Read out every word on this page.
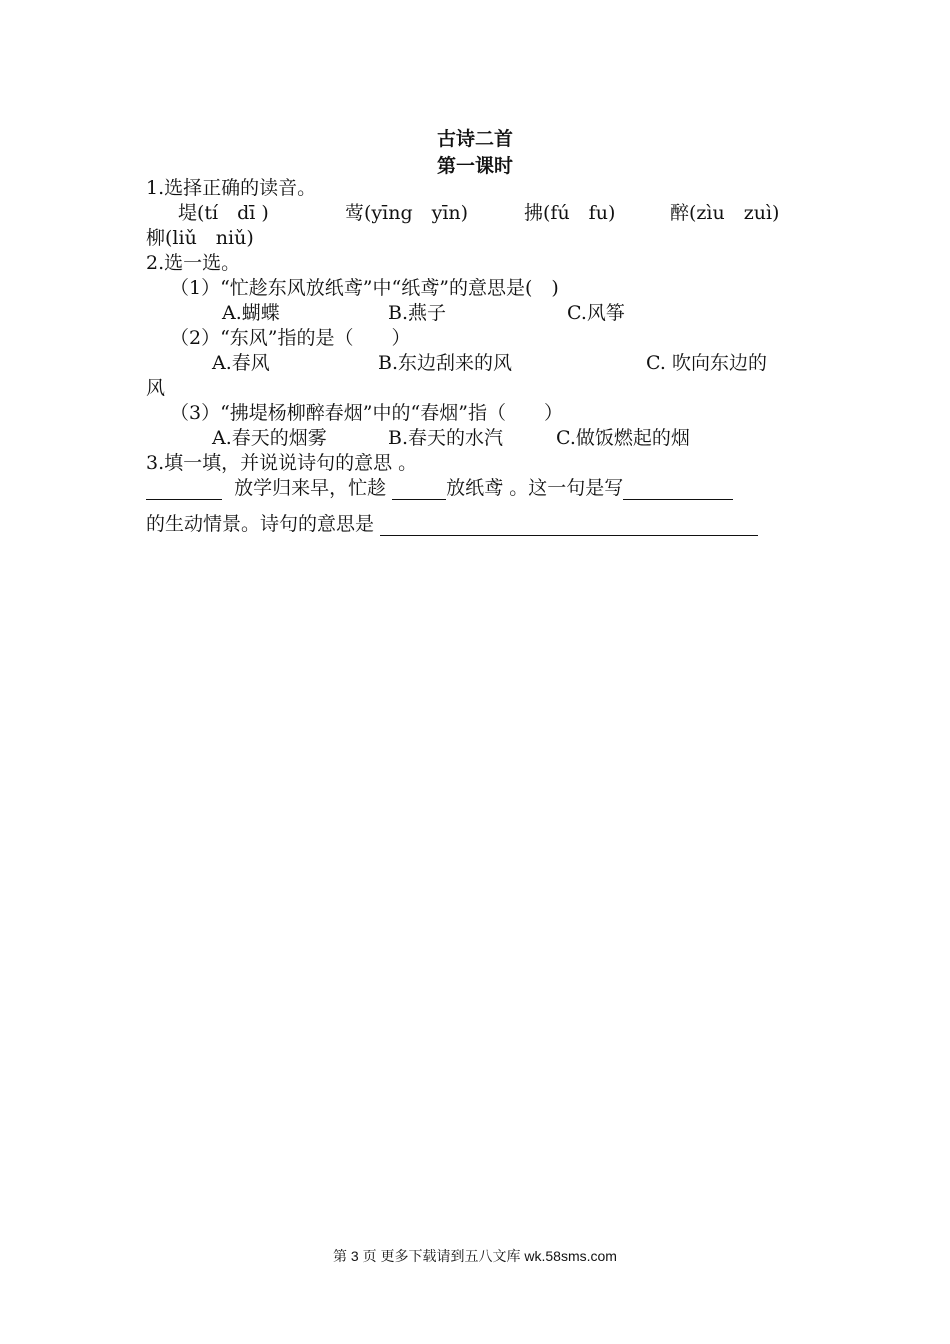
古诗二首
第一课时
1.选择正确的读音。
堤(tí　dī )	莺(yīng　yīn)	拂(fú　fu)	醉(zìu　zuì)
柳(liǔ　niǔ)
2.选一选。
（1）“忙趁东风放纸鸢”中“纸鸢”的意思是(　)
A.蝴蝶	B.燕子	C.风筝
（2）“东风”指的是（　　）
A.春风	B.东边刮来的风	C. 吹向东边的
风
（3）“拂堤杨柳醉春烟”中的“春烟”指（　　）
A.春天的烟雾	B.春天的水汽	C.做饭燃起的烟
3.填一填，并说说诗句的意思 。
放学归来早，忙趁	放纸鸢 。这一句是写
的生动情景。诗句的意思是
第 3 页 更多下载请到五八文库 wk.58sms.com
